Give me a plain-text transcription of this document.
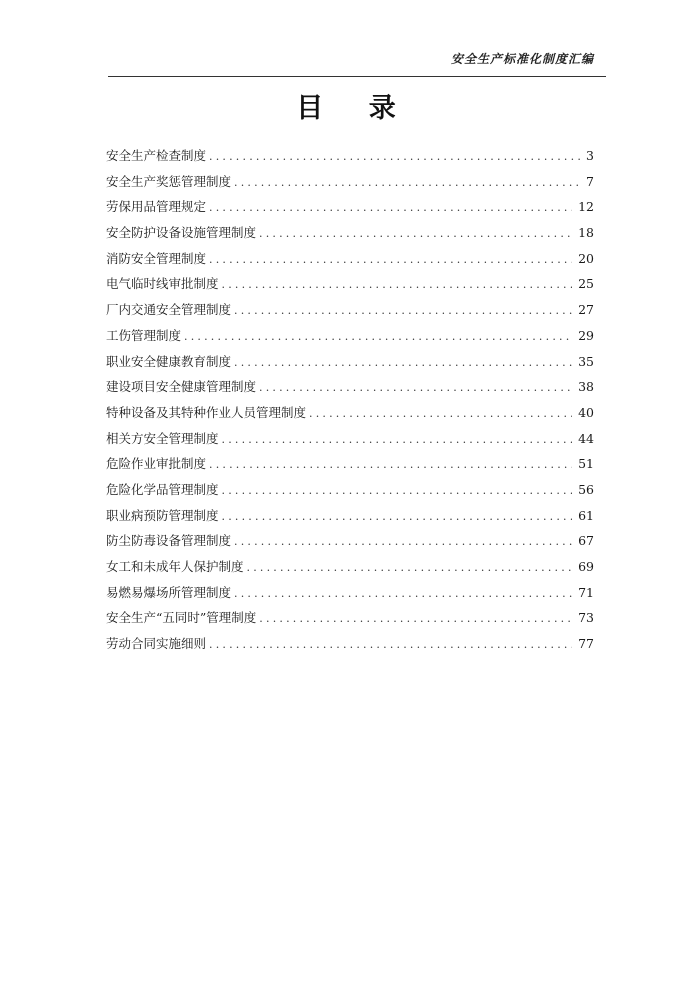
安全生产标准化制度汇编
目 录
安全生产检查制度 .....	3
安全生产奖惩管理制度 .....	7
劳保用品管理规定 .....	12
安全防护设备设施管理制度 .....	18
消防安全管理制度 .....	20
电气临时线审批制度 .....	25
厂内交通安全管理制度 .....	27
工伤管理制度 .....	29
职业安全健康教育制度 .....	35
建设项目安全健康管理制度 .....	38
特种设备及其特种作业人员管理制度 .....	40
相关方安全管理制度 .....	44
危险作业审批制度 .....	51
危险化学品管理制度 .....	56
职业病预防管理制度 .....	61
防尘防毒设备管理制度 .....	67
女工和未成年人保护制度 .....	69
易燃易爆场所管理制度 .....	71
安全生产“五同时”管理制度 .....	73
劳动合同实施细则 .....	77
